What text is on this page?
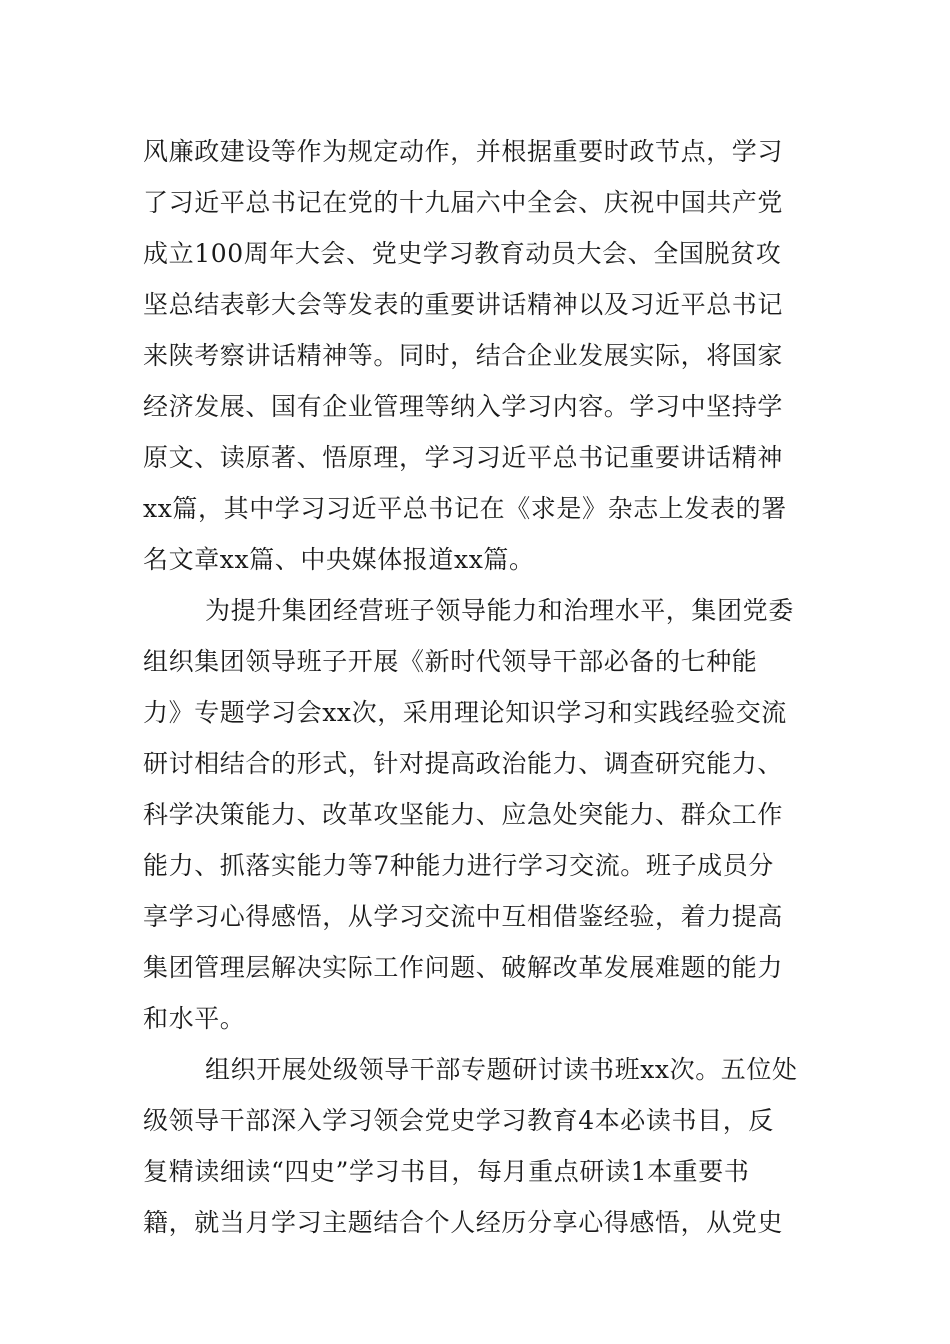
风廉政建设等作为规定动作，并根据重要时政节点，学习
了习近平总书记在党的十九届六中全会、庆祝中国共产党
成立100周年大会、党史学习教育动员大会、全国脱贫攻
坚总结表彰大会等发表的重要讲话精神以及习近平总书记
来陕考察讲话精神等。同时，结合企业发展实际，将国家
经济发展、国有企业管理等纳入学习内容。学习中坚持学
原文、读原著、悟原理，学习习近平总书记重要讲话精神
xx篇，其中学习习近平总书记在《求是》杂志上发表的署
名文章xx篇、中央媒体报道xx篇。
为提升集团经营班子领导能力和治理水平，集团党委
组织集团领导班子开展《新时代领导干部必备的七种能
力》专题学习会xx次，采用理论知识学习和实践经验交流
研讨相结合的形式，针对提高政治能力、调查研究能力、
科学决策能力、改革攻坚能力、应急处突能力、群众工作
能力、抓落实能力等7种能力进行学习交流。班子成员分
享学习心得感悟，从学习交流中互相借鉴经验，着力提高
集团管理层解决实际工作问题、破解改革发展难题的能力
和水平。
组织开展处级领导干部专题研讨读书班xx次。五位处
级领导干部深入学习领会党史学习教育4本必读书目，反
复精读细读“四史”学习书目，每月重点研读1本重要书
籍，就当月学习主题结合个人经历分享心得感悟，从党史
